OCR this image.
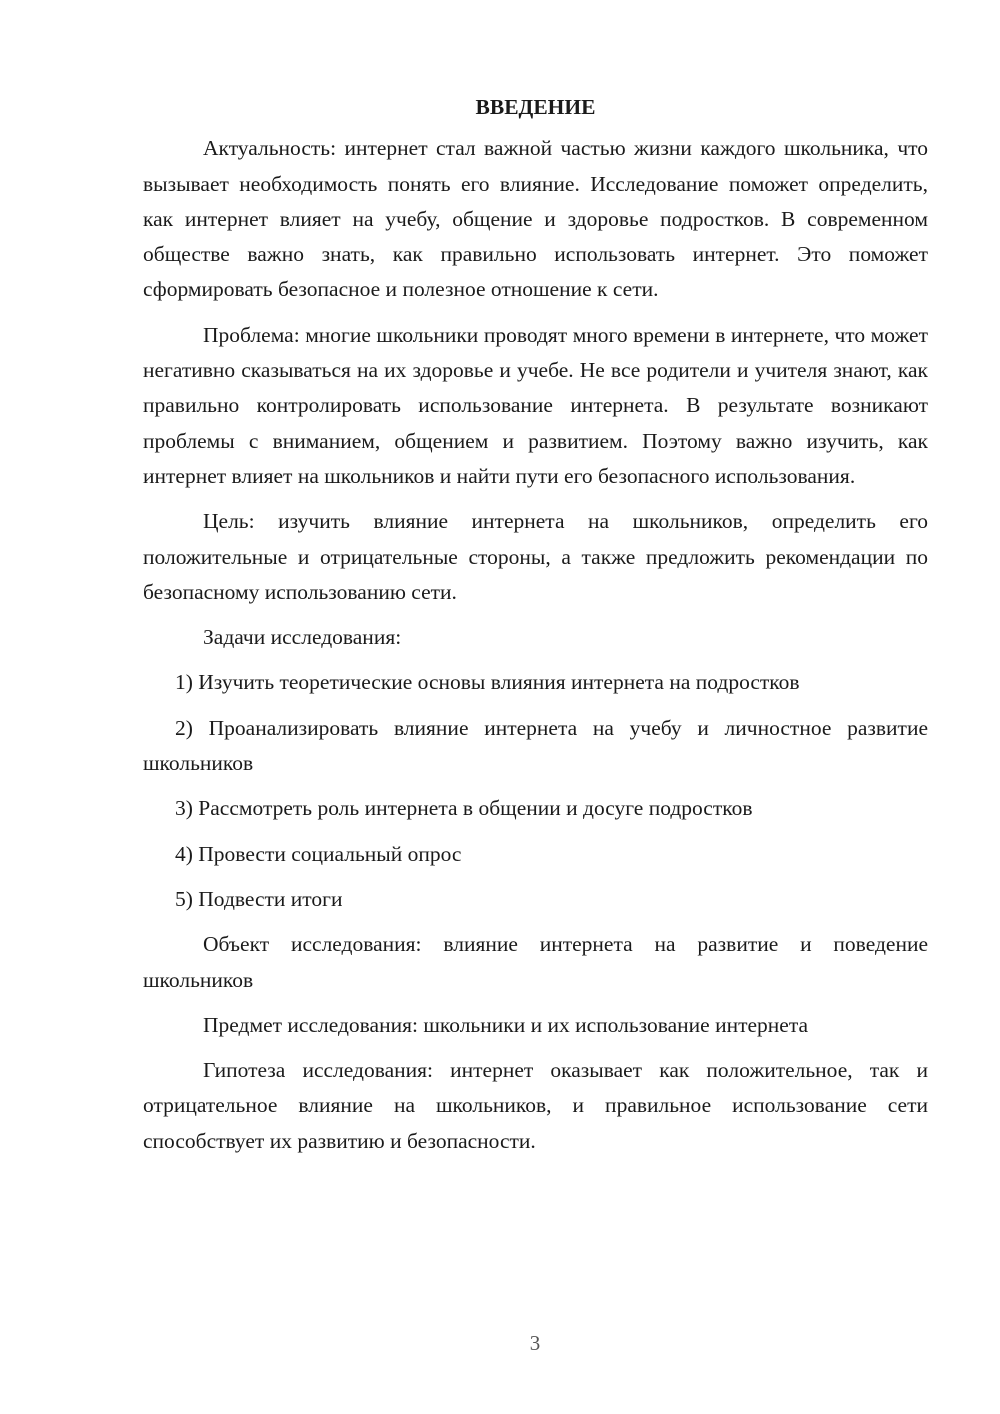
ВВЕДЕНИЕ

Актуальность: интернет стал важной частью жизни каждого школьника, что вызывает необходимость понять его влияние. Исследование поможет определить, как интернет влияет на учебу, общение и здоровье подростков. В современном обществе важно знать, как правильно использовать интернет. Это поможет сформировать безопасное и полезное отношение к сети.

Проблема: многие школьники проводят много времени в интернете, что может негативно сказываться на их здоровье и учебе. Не все родители и учителя знают, как правильно контролировать использование интернета. В результате возникают проблемы с вниманием, общением и развитием. Поэтому важно изучить, как интернет влияет на школьников и найти пути его безопасного использования.

Цель: изучить влияние интернета на школьников, определить его положительные и отрицательные стороны, а также предложить рекомендации по безопасному использованию сети.

Задачи исследования:

1) Изучить теоретические основы влияния интернета на подростков

2) Проанализировать влияние интернета на учебу и личностное развитие школьников

3) Рассмотреть роль интернета в общении и досуге подростков

4) Провести социальный опрос

5) Подвести итоги

Объект исследования: влияние интернета на развитие и поведение школьников

Предмет исследования: школьники и их использование интернета

Гипотеза исследования: интернет оказывает как положительное, так и отрицательное влияние на школьников, и правильное использование сети способствует их развитию и безопасности.

3
